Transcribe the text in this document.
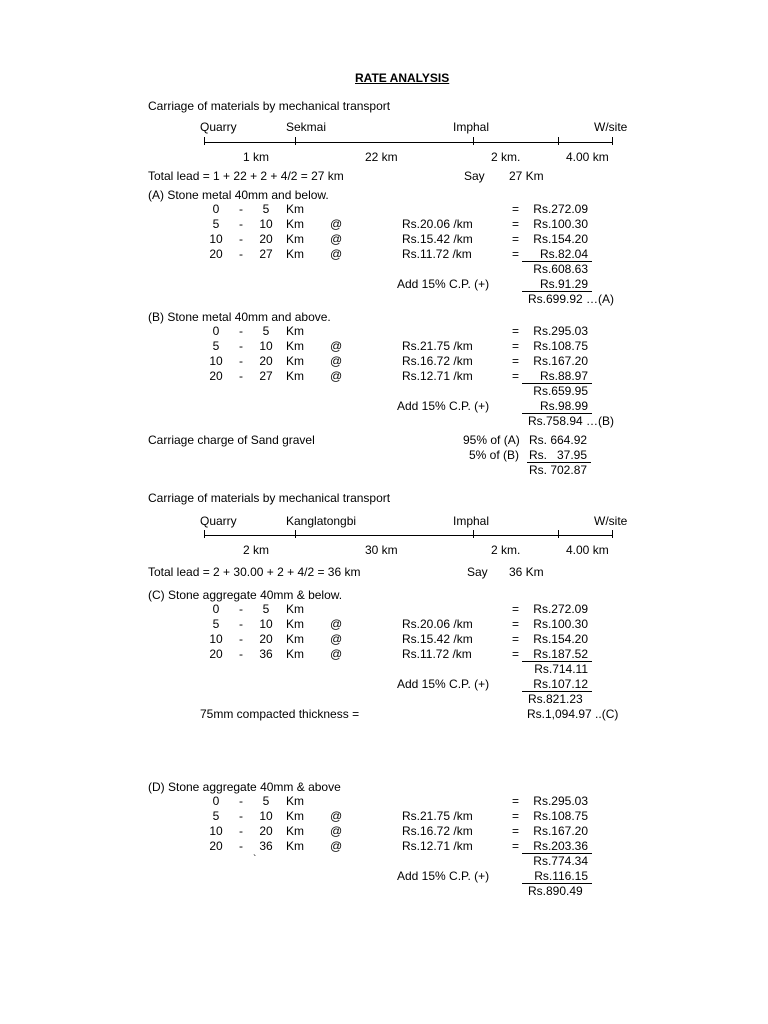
RATE ANALYSIS
Carriage of materials by mechanical transport
Quarry	Sekmai	Imphal	W/site
1 km	22 km	2 km.	4.00 km
Total lead = 1 + 22 + 2 + 4/2 = 27 km	Say 27 Km
(A) Stone metal 40mm and below.
0	-	5	Km	=	Rs.272.09
5	- 10 Km @	Rs.20.06 /km	=	Rs.100.30
10 - 20 Km @	Rs.15.42 /km	=	Rs.154.20
20 - 27 Km @	Rs.11.72 /km	=	Rs.82.04
Rs.608.63
Add 15% C.P. (+)	Rs.91.29
Rs.699.92 …(A)
(B) Stone metal 40mm and above.
0	-	5	Km	=	Rs.295.03
5	- 10 Km @	Rs.21.75 /km	=	Rs.108.75
10 - 20 Km @	Rs.16.72 /km	=	Rs.167.20
20 - 27 Km @	Rs.12.71 /km	=	Rs.88.97
Rs.659.95
Add 15% C.P. (+)	Rs.98.99
Rs.758.94 …(B)
Carriage charge of Sand gravel	95% of (A) Rs. 664.92
5% of (B) Rs.   37.95
Rs. 702.87
Carriage of materials by mechanical transport
Quarry	Kanglatongbi	Imphal	W/site
2 km	30 km	2 km.	4.00 km
Total lead = 2 + 30.00 + 2 + 4/2 = 36 km	Say 36 Km
(C) Stone aggregate 40mm & below.
0	-	5	Km	=	Rs.272.09
5	- 10 Km @	Rs.20.06 /km	=	Rs.100.30
10 - 20 Km @	Rs.15.42 /km	=	Rs.154.20
20 - 36 Km @	Rs.11.72 /km	=	Rs.187.52
Rs.714.11
Add 15% C.P. (+)	Rs.107.12
Rs.821.23
75mm compacted thickness =	Rs.1,094.97 ..(C)
(D) Stone aggregate 40mm & above
0	-	5	Km	=	Rs.295.03
5	- 10 Km @	Rs.21.75 /km	=	Rs.108.75
10 - 20 Km @	Rs.16.72 /km	=	Rs.167.20
20 - 36 Km @	Rs.12.71 /km	=	Rs.203.36
Rs.774.34
Add 15% C.P. (+)	Rs.116.15
Rs.890.49
`
